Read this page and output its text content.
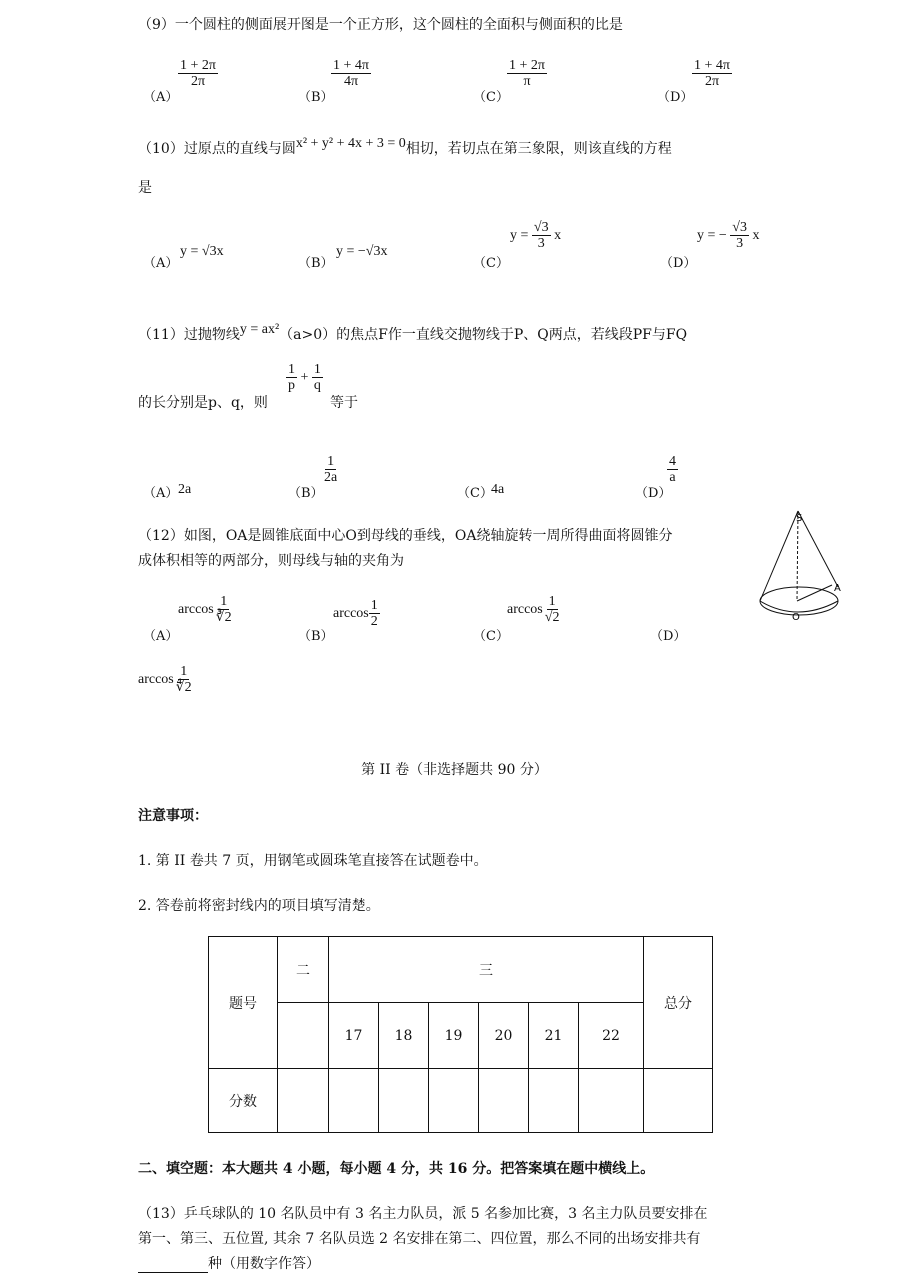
（9）一个圆柱的侧面展开图是一个正方形，这个圆柱的全面积与侧面积的比是
（A）
$\frac{1 + 2\pi}{2\pi}$
（B）
$\frac{1 + 4\pi}{4\pi}$
（C）
$\frac{1 + 2\pi}{\pi}$
（D）
$\frac{1 + 4\pi}{2\pi}$
（10）过原点的直线与圆x² + y² + 4x + 3 = 0相切，若切点在第三象限，则该直线的方程
是
（A）
y = √3x
（B）
y = −√3x
（C）
$y = \frac{√3}{3}$ x
（D）
y = − $\frac{√3}{3}$ x
（11）过抛物线y = ax²（a>0）的焦点F作一直线交抛物线于P、Q两点，若线段PF与FQ
的长分别是p、q，则
$\frac{1}{p} + \frac{1}{q}$
等于
（A） 2a	（B）
$\frac{1}{2a}$
（C）
4a	（D）
$\frac{4}{a}$
（12）如图，OA是圆锥底面中心O到母线的垂线，OA绕轴旋转一周所得曲面将圆锥分
成体积相等的两部分，则母线与轴的夹角为
S
A
O
（A）
$\arccos \frac{1}{∛2}$
（B）
$\arccos \frac{1}{2}$
（C）
$\arccos \frac{1}{√2}$
（D）
$\arccos \frac{1}{∜2}$
第 II 卷（非选择题共 90 分）
注意事项：
1. 第 II 卷共 7 页，用钢笔或圆珠笔直接答在试题卷中。
2. 答卷前将密封线内的项目填写清楚。
题号	二	三						总分
		17	18	19	20	21	22	
分数								
二、填空题：本大题共 4 小题，每小题 4 分，共 16 分。把答案填在题中横线上。
（13）乒乓球队的 10 名队员中有 3 名主力队员，派 5 名参加比赛，3 名主力队员要安排在
第一、第三、五位置, 其余 7 名队员选 2 名安排在第二、四位置，那么不同的出场安排共有
种（用数字作答）
